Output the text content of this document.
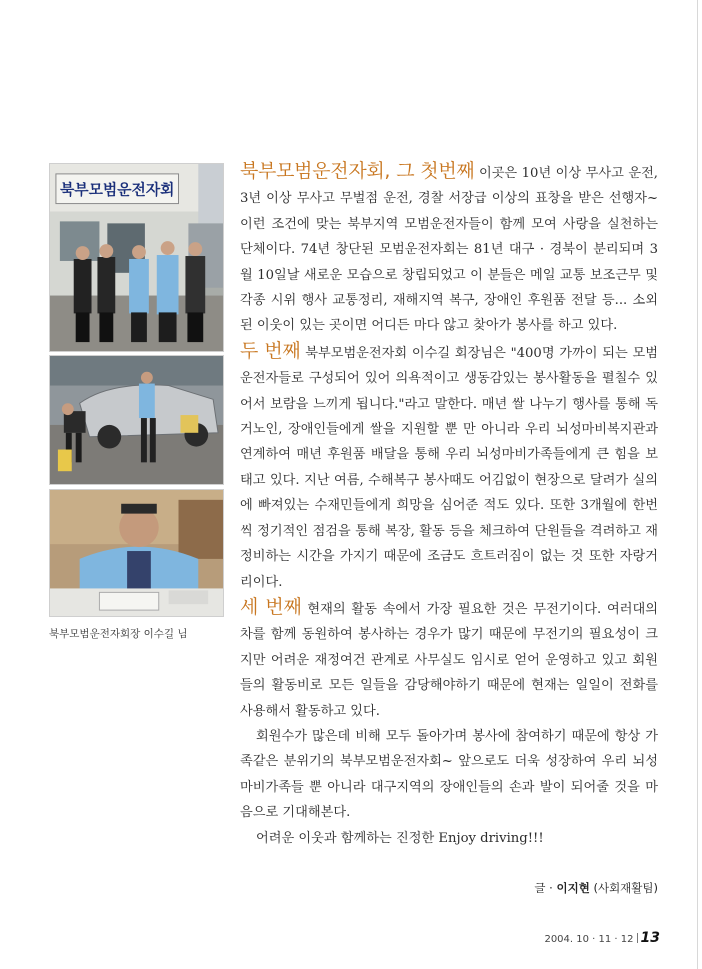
북부모범운전자회
북부모범운전자회장 이수길 님

북부모범운전자회, 그 첫번째 이곳은 10년 이상 무사고 운전, 3년 이상 무사고 무벌점 운전, 경찰 서장급 이상의 표창을 받은 선행자~ 이런 조건에 맞는 북부지역 모범운전자들이 함께 모여 사랑을 실천하는 단체이다. 74년 창단된 모범운전자회는 81년 대구 · 경북이 분리되며 3월 10일날 새로운 모습으로 창립되었고 이 분들은 메일 교통 보조근무 및 각종 시위 행사 교통정리, 재해지역 복구, 장애인 후원품 전달 등... 소외된 이웃이 있는 곳이면 어디든 마다 않고 찾아가 봉사를 하고 있다.

두 번째 북부모범운전자회 이수길 회장님은 "400명 가까이 되는 모범운전자들로 구성되어 있어 의욕적이고 생동감있는 봉사활동을 펼칠수 있어서 보람을 느끼게 됩니다."라고 말한다. 매년 쌀 나누기 행사를 통해 독거노인, 장애인들에게 쌀을 지원할 뿐 만 아니라 우리 뇌성마비복지관과 연계하여 매년 후원품 배달을 통해 우리 뇌성마비가족들에게 큰 힘을 보태고 있다. 지난 여름, 수해복구 봉사때도 어김없이 현장으로 달려가 실의에 빠져있는 수재민들에게 희망을 심어준 적도 있다. 또한 3개월에 한번씩 정기적인 점검을 통해 복장, 활동 등을 체크하여 단원들을 격려하고 재정비하는 시간을 가지기 때문에 조금도 흐트러짐이 없는 것 또한 자랑거리이다.

세 번째 현재의 활동 속에서 가장 필요한 것은 무전기이다. 여러대의 차를 함께 동원하여 봉사하는 경우가 많기 때문에 무전기의 필요성이 크지만 어려운 재정여건 관계로 사무실도 임시로 얻어 운영하고 있고 회원들의 활동비로 모든 일들을 감당해야하기 때문에 현재는 일일이 전화를 사용해서 활동하고 있다.

회원수가 많은데 비해 모두 돌아가며 봉사에 참여하기 때문에 항상 가족같은 분위기의 북부모범운전자회~ 앞으로도 더욱 성장하여 우리 뇌성마비가족들 뿐 아니라 대구지역의 장애인들의 손과 발이 되어줄 것을 마음으로 기대해본다.

어려운 이웃과 함께하는 진정한 Enjoy driving!!!

글 · 이지현 (사회재활팀)
2004. 10 · 11 · 12 13
